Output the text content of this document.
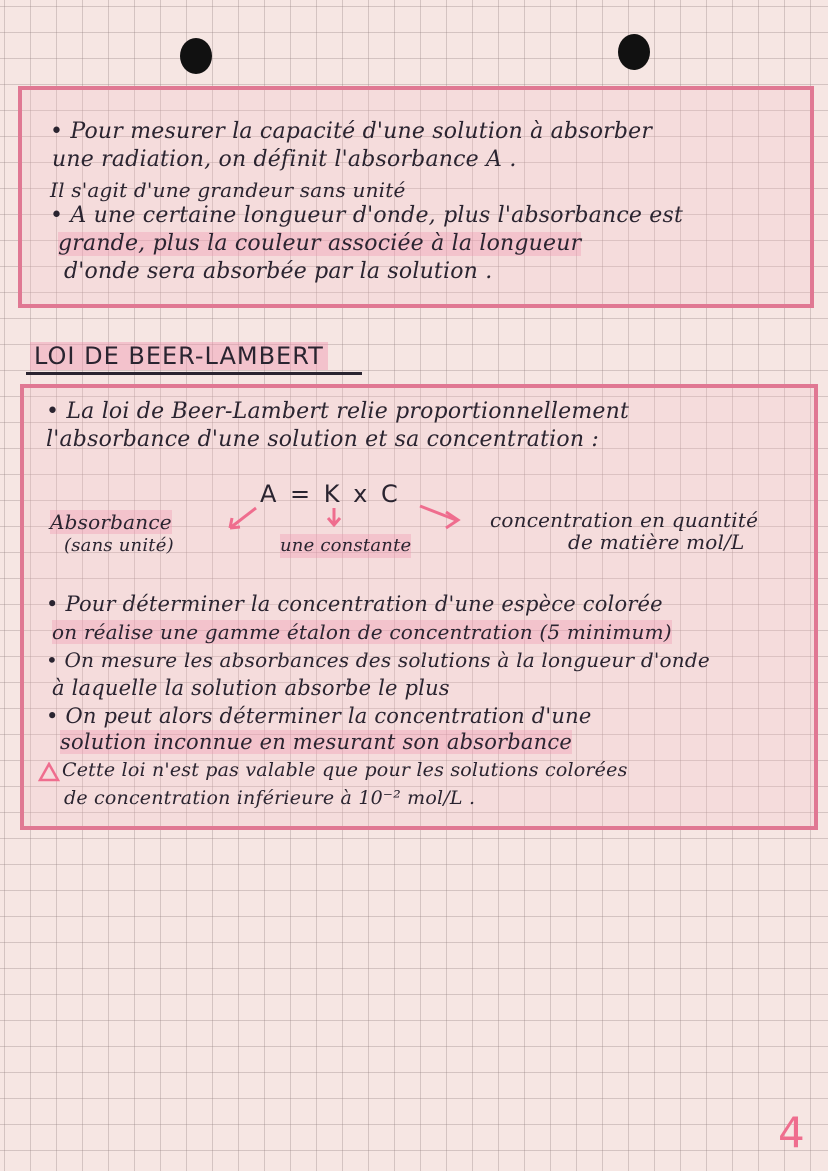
• Pour mesurer la capacité d'une solution à absorber
une radiation, on définit l'absorbance A .
Il s'agit d'une grandeur sans unité
• A une certaine longueur d'onde, plus l'absorbance est
grande, plus la couleur associée à la longueur
d'onde sera absorbée par la solution .
LOI DE BEER-LAMBERT
• La loi de Beer-Lambert relie proportionnellement
l'absorbance d'une solution et sa concentration :
A = K x C
Absorbance
(sans unité)	une constante
concentration en quantité
de matière mol/L
• Pour déterminer la concentration d'une espèce colorée
on réalise une gamme étalon de concentration (5 minimum)
• On mesure les absorbances des solutions à la longueur d'onde
à laquelle la solution absorbe le plus
• On peut alors déterminer la concentration d'une
solution inconnue en mesurant son absorbance
Cette loi n'est pas valable que pour les solutions colorées
de concentration inférieure à 10⁻² mol/L .
4
